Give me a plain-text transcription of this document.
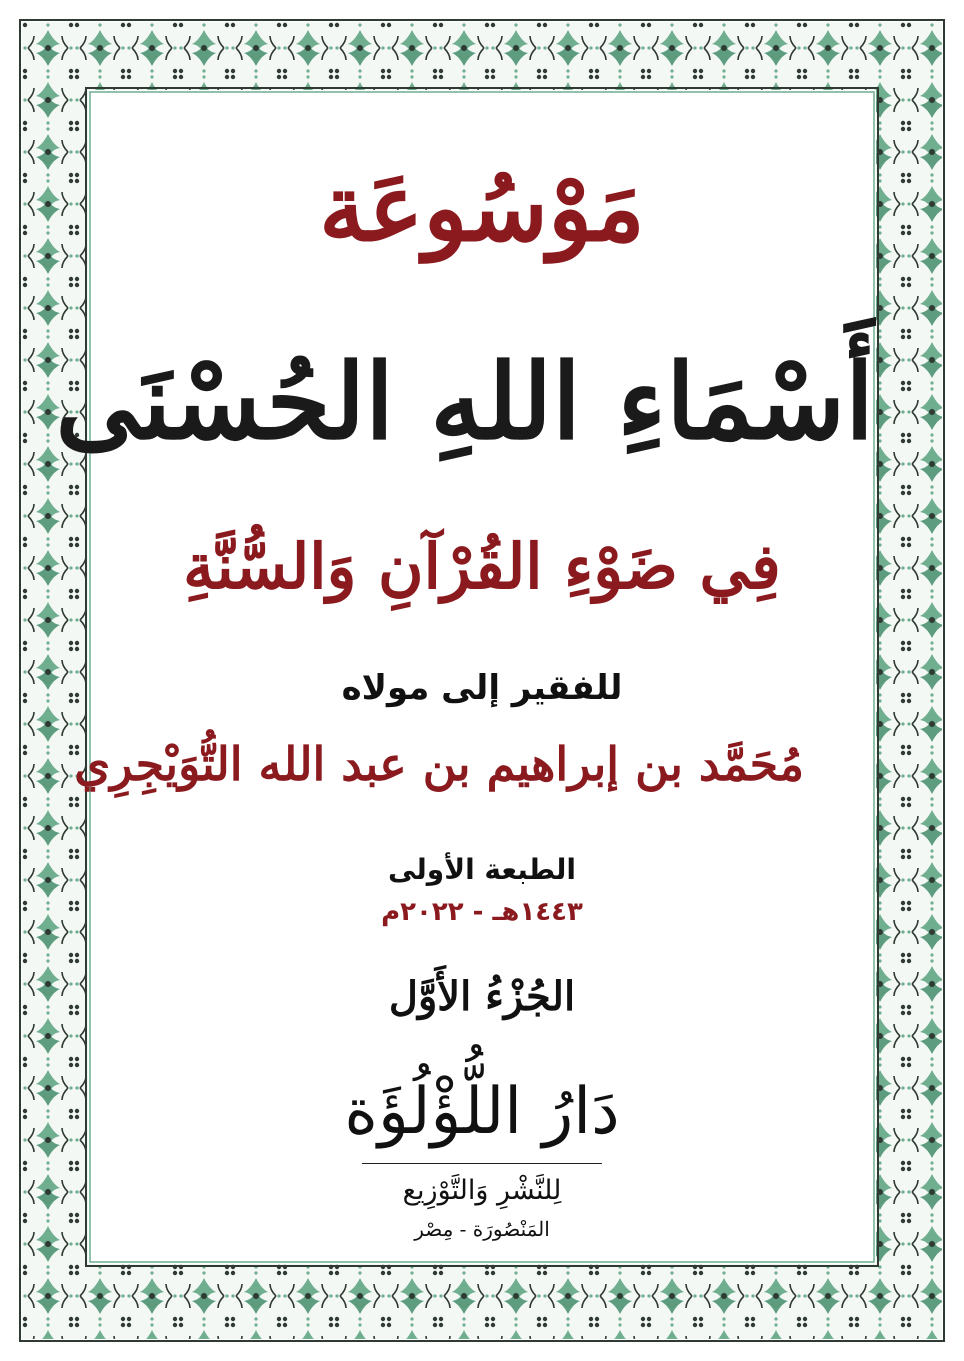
مَوْسُوعَة
أَسْمَاءِ اللهِ الحُسْنَى
فِي ضَوْءِ القُرْآنِ وَالسُّنَّةِ
للفقير إلى مولاه
مُحَمَّد بن إبراهيم بن عبد الله التُّوَيْجِرِي
الطبعة الأولى
١٤٤٣هـ - ٢٠٢٢م
الجُزْءُ الأَوَّل
دَارُ اللُّؤْلُؤَة
لِلنَّشْرِ وَالتَّوْزِيع
المَنْصُورَة - مِصْر
